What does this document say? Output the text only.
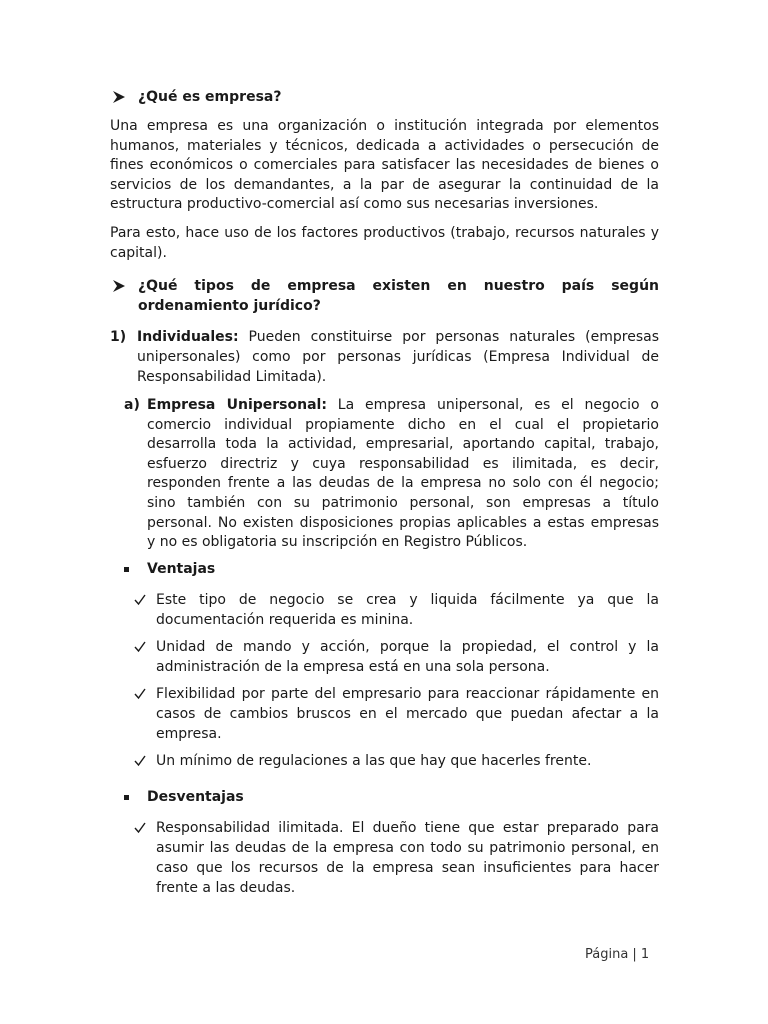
¿Qué es empresa?
Una empresa es una organización o institución integrada por elementos humanos, materiales y técnicos, dedicada a actividades o persecución de fines económicos o comerciales para satisfacer las necesidades de bienes o servicios de los demandantes, a la par de asegurar la continuidad de la estructura productivo-comercial así como sus necesarias inversiones.
Para esto, hace uso de los factores productivos (trabajo, recursos naturales y capital).
¿Qué tipos de empresa existen en nuestro país según ordenamiento jurídico?
1) Individuales: Pueden constituirse por personas naturales (empresas unipersonales) como por personas jurídicas (Empresa Individual de Responsabilidad Limitada).
a) Empresa Unipersonal: La empresa unipersonal, es el negocio o comercio individual propiamente dicho en el cual el propietario desarrolla toda la actividad, empresarial, aportando capital, trabajo, esfuerzo directriz y cuya responsabilidad es ilimitada, es decir, responden frente a las deudas de la empresa no solo con él negocio; sino también con su patrimonio personal, son empresas a título personal. No existen disposiciones propias aplicables a estas empresas y no es obligatoria su inscripción en Registro Públicos.
Ventajas
Este tipo de negocio se crea y liquida fácilmente ya que la documentación requerida es minina.
Unidad de mando y acción, porque la propiedad, el control y la administración de la empresa está en una sola persona.
Flexibilidad por parte del empresario para reaccionar rápidamente en casos de cambios bruscos en el mercado que puedan afectar a la empresa.
Un mínimo de regulaciones a las que hay que hacerles frente.
Desventajas
Responsabilidad ilimitada. El dueño tiene que estar preparado para asumir las deudas de la empresa con todo su patrimonio personal, en caso que los recursos de la empresa sean insuficientes para hacer frente a las deudas.
Página | 1
